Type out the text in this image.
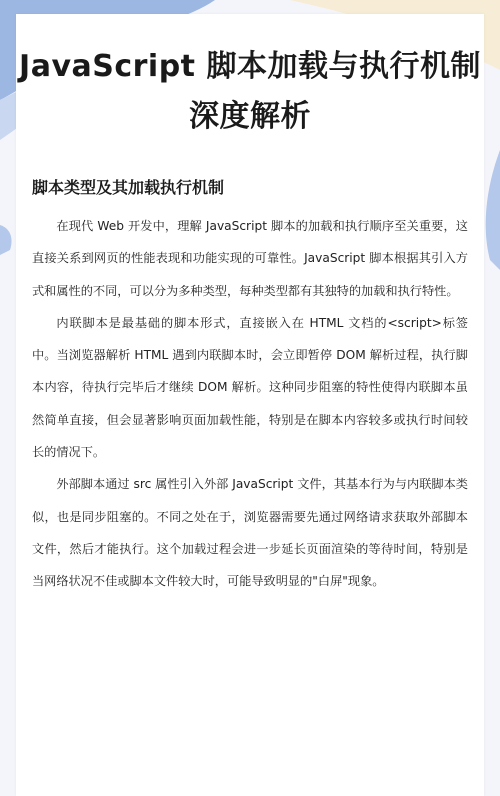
JavaScript 脚本加载与执行机制深度解析
脚本类型及其加载执行机制

在现代 Web 开发中，理解 JavaScript 脚本的加载和执行顺序至关重要，这直接关系到网页的性能表现和功能实现的可靠性。JavaScript 脚本根据其引入方式和属性的不同，可以分为多种类型，每种类型都有其独特的加载和执行特性。

内联脚本是最基础的脚本形式，直接嵌入在 HTML 文档的<script>标签中。当浏览器解析 HTML 遇到内联脚本时，会立即暂停 DOM 解析过程，执行脚本内容，待执行完毕后才继续 DOM 解析。这种同步阻塞的特性使得内联脚本虽然简单直接，但会显著影响页面加载性能，特别是在脚本内容较多或执行时间较长的情况下。

外部脚本通过 src 属性引入外部 JavaScript 文件，其基本行为与内联脚本类似，也是同步阻塞的。不同之处在于，浏览器需要先通过网络请求获取外部脚本文件，然后才能执行。这个加载过程会进一步延长页面渲染的等待时间，特别是当网络状况不佳或脚本文件较大时，可能导致明显的"白屏"现象。
